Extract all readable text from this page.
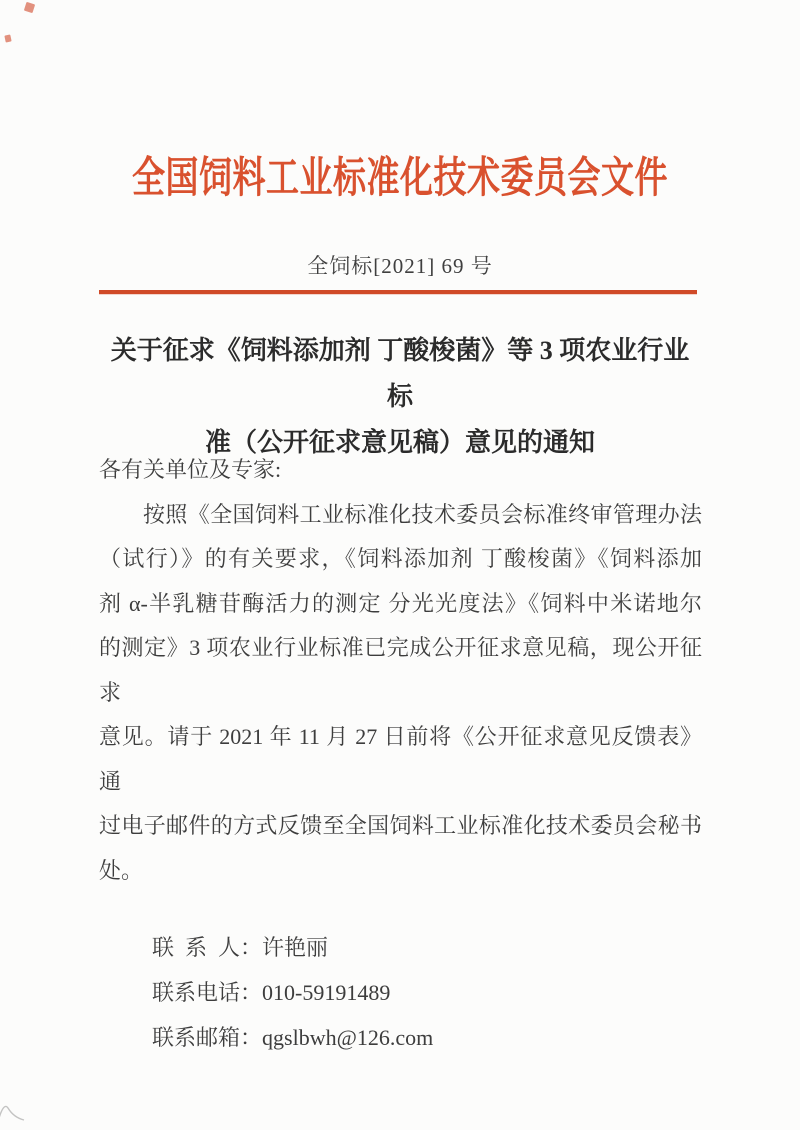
全国饲料工业标准化技术委员会文件
全饲标[2021] 69 号
关于征求《饲料添加剂 丁酸梭菌》等 3 项农业行业标
准（公开征求意见稿）意见的通知
各有关单位及专家:
按照《全国饲料工业标准化技术委员会标准终审管理办法
（试行）》的有关要求，《饲料添加剂 丁酸梭菌》《饲料添加
剂 α-半乳糖苷酶活力的测定 分光光度法》《饲料中米诺地尔
的测定》3 项农业行业标准已完成公开征求意见稿，现公开征求
意见。请于 2021 年 11 月 27 日前将《公开征求意见反馈表》通
过电子邮件的方式反馈至全国饲料工业标准化技术委员会秘书
处。
联 系 人：许艳丽
联系电话：010-59191489
联系邮箱：qgslbwh@126.com
